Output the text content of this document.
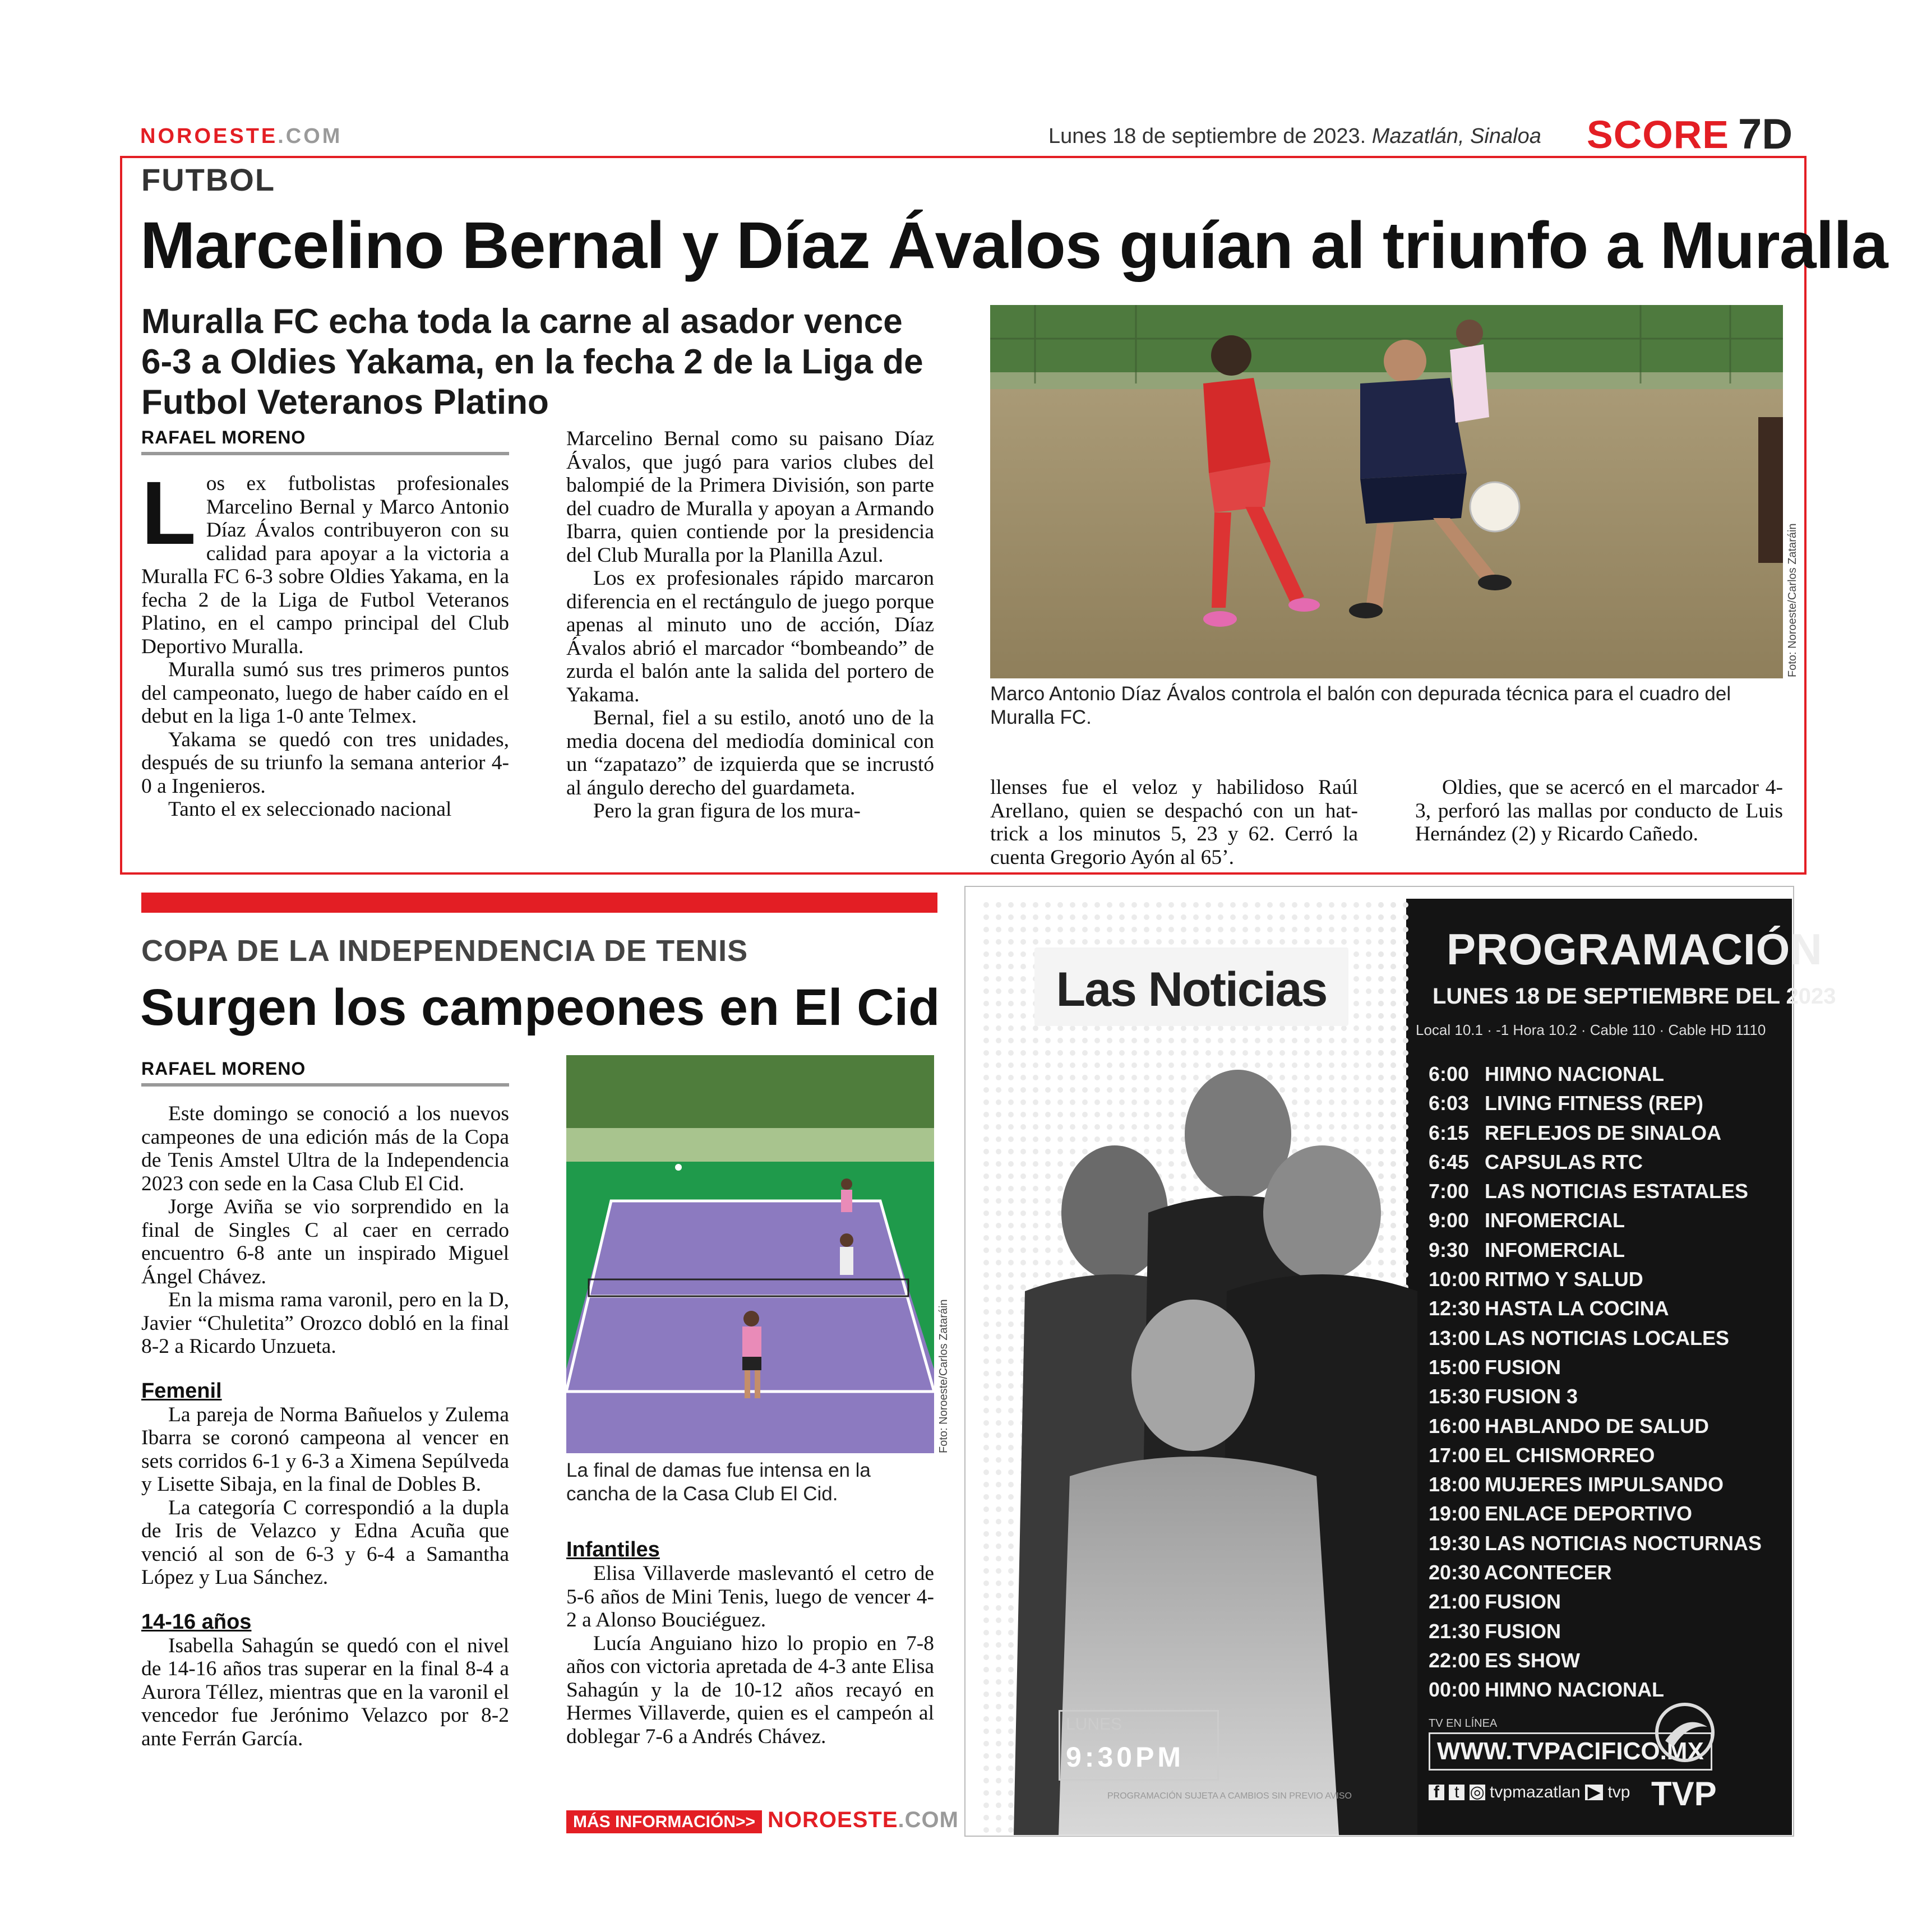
NOROESTE.COM	Lunes 18 de septiembre de 2023. Mazatlán, Sinaloa SCORE 7D
FUTBOL
Marcelino Bernal y Díaz Ávalos guían al triunfo a Muralla
Muralla FC echa toda la carne al asador vence 6-3 a Oldies Yakama, en la fecha 2 de la Liga de Futbol Veteranos Platino
RAFAEL MORENO

Los ex futbolistas profesionales Marcelino Bernal y Marco Antonio Díaz Ávalos contribuyeron con su calidad para apoyar a la victoria a Muralla FC 6-3 sobre Oldies Yakama, en la fecha 2 de la Liga de Futbol Veteranos Platino, en el campo principal del Club Deportivo Muralla.

Muralla sumó sus tres primeros puntos del campeonato, luego de haber caído en el debut en la liga 1-0 ante Telmex.

Yakama se quedó con tres unidades, después de su triunfo la semana anterior 4-0 a Ingenieros.

Tanto el ex seleccionado nacional

Marcelino Bernal como su paisano Díaz Ávalos, que jugó para varios clubes del balompié de la Primera División, son parte del cuadro de Muralla y apoyan a Armando Ibarra, quien contiende por la presidencia del Club Muralla por la Planilla Azul.

Los ex profesionales rápido marcaron diferencia en el rectángulo de juego porque apenas al minuto uno de acción, Díaz Ávalos abrió el marcador “bombeando” de zurda el balón ante la salida del portero de Yakama.

Bernal, fiel a su estilo, anotó uno de la media docena del mediodía dominical con un “zapatazo” de izquierda que se incrustó al ángulo derecho del guardameta.

Pero la gran figura de los mura-

Foto: Noroeste/Carlos Zataráin
Marco Antonio Díaz Ávalos controla el balón con depurada técnica para el cuadro del Muralla FC.

llenses fue el veloz y habilidoso Raúl Arellano, quien se despachó con un hat-trick a los minutos 5, 23 y 62. Cerró la cuenta Gregorio Ayón al 65’.

Oldies, que se acercó en el marcador 4-3, perforó las mallas por conducto de Luis Hernández (2) y Ricardo Cañedo.

COPA DE LA INDEPENDENCIA DE TENIS
Surgen los campeones en El Cid
RAFAEL MORENO

Este domingo se conoció a los nuevos campeones de una edición más de la Copa de Tenis Amstel Ultra de la Independencia 2023 con sede en la Casa Club El Cid.

Jorge Aviña se vio sorprendido en la final de Singles C al caer en cerrado encuentro 6-8 ante un inspirado Miguel Ángel Chávez.

En la misma rama varonil, pero en la D, Javier “Chuletita” Orozco dobló en la final 8-2 a Ricardo Unzueta.

Femenil

La pareja de Norma Bañuelos y Zulema Ibarra se coronó campeona al vencer en sets corridos 6-1 y 6-3 a Ximena Sepúlveda y Lisette Sibaja, en la final de Dobles B.

La categoría C correspondió a la dupla de Iris de Velazco y Edna Acuña que venció al son de 6-3 y 6-4 a Samantha López y Lua Sánchez.

14-16 años

Isabella Sahagún se quedó con el nivel de 14-16 años tras superar en la final 8-4 a Aurora Téllez, mientras que en la varonil el vencedor fue Jerónimo Velazco por 8-2 ante Ferrán García.

Foto: Noroeste/Carlos Zataráin
La final de damas fue intensa en la cancha de la Casa Club El Cid.
Infantiles

Elisa Villaverde maslevantó el cetro de 5-6 años de Mini Tenis, luego de vencer 4-2 a Alonso Bouciéguez.

Lucía Anguiano hizo lo propio en 7-8 años con victoria apretada de 4-3 ante Elisa Sahagún y la de 10-12 años recayó en Hermes Villaverde, quien es el campeón al doblegar 7-6 a Andrés Chávez.

MÁS INFORMACIÓN>> NOROESTE.COM
Las Noticias
PROGRAMACIÓN
LUNES 18 DE SEPTIEMBRE DEL 2023
Local 10.1 · -1 Hora 10.2 · Cable 110 · Cable HD 1110
6:00 HIMNO NACIONAL
6:03 LIVING FITNESS (REP)
6:15 REFLEJOS DE SINALOA
6:45 CAPSULAS RTC
7:00 LAS NOTICIAS ESTATALES
9:00 INFOMERCIAL
9:30 INFOMERCIAL
10:00 RITMO Y SALUD
12:30 HASTA LA COCINA
13:00 LAS NOTICIAS LOCALES
15:00 FUSION
15:30 FUSION 3
16:00 HABLANDO DE SALUD
17:00 EL CHISMORREO
18:00 MUJERES IMPULSANDO
19:00 ENLACE DEPORTIVO
19:30 LAS NOTICIAS NOCTURNAS
20:30 ACONTECER
21:00 FUSION
21:30 FUSION
22:00 ES SHOW
00:00 HIMNO NACIONAL
LUNES
9:30PM
PROGRAMACIÓN SUJETA A CAMBIOS SIN PREVIO AVISO
TV EN LÍNEA
WWW.TVPACIFICO.MX
f t ◎ tvpmazatlan ▶ tvp TVP
